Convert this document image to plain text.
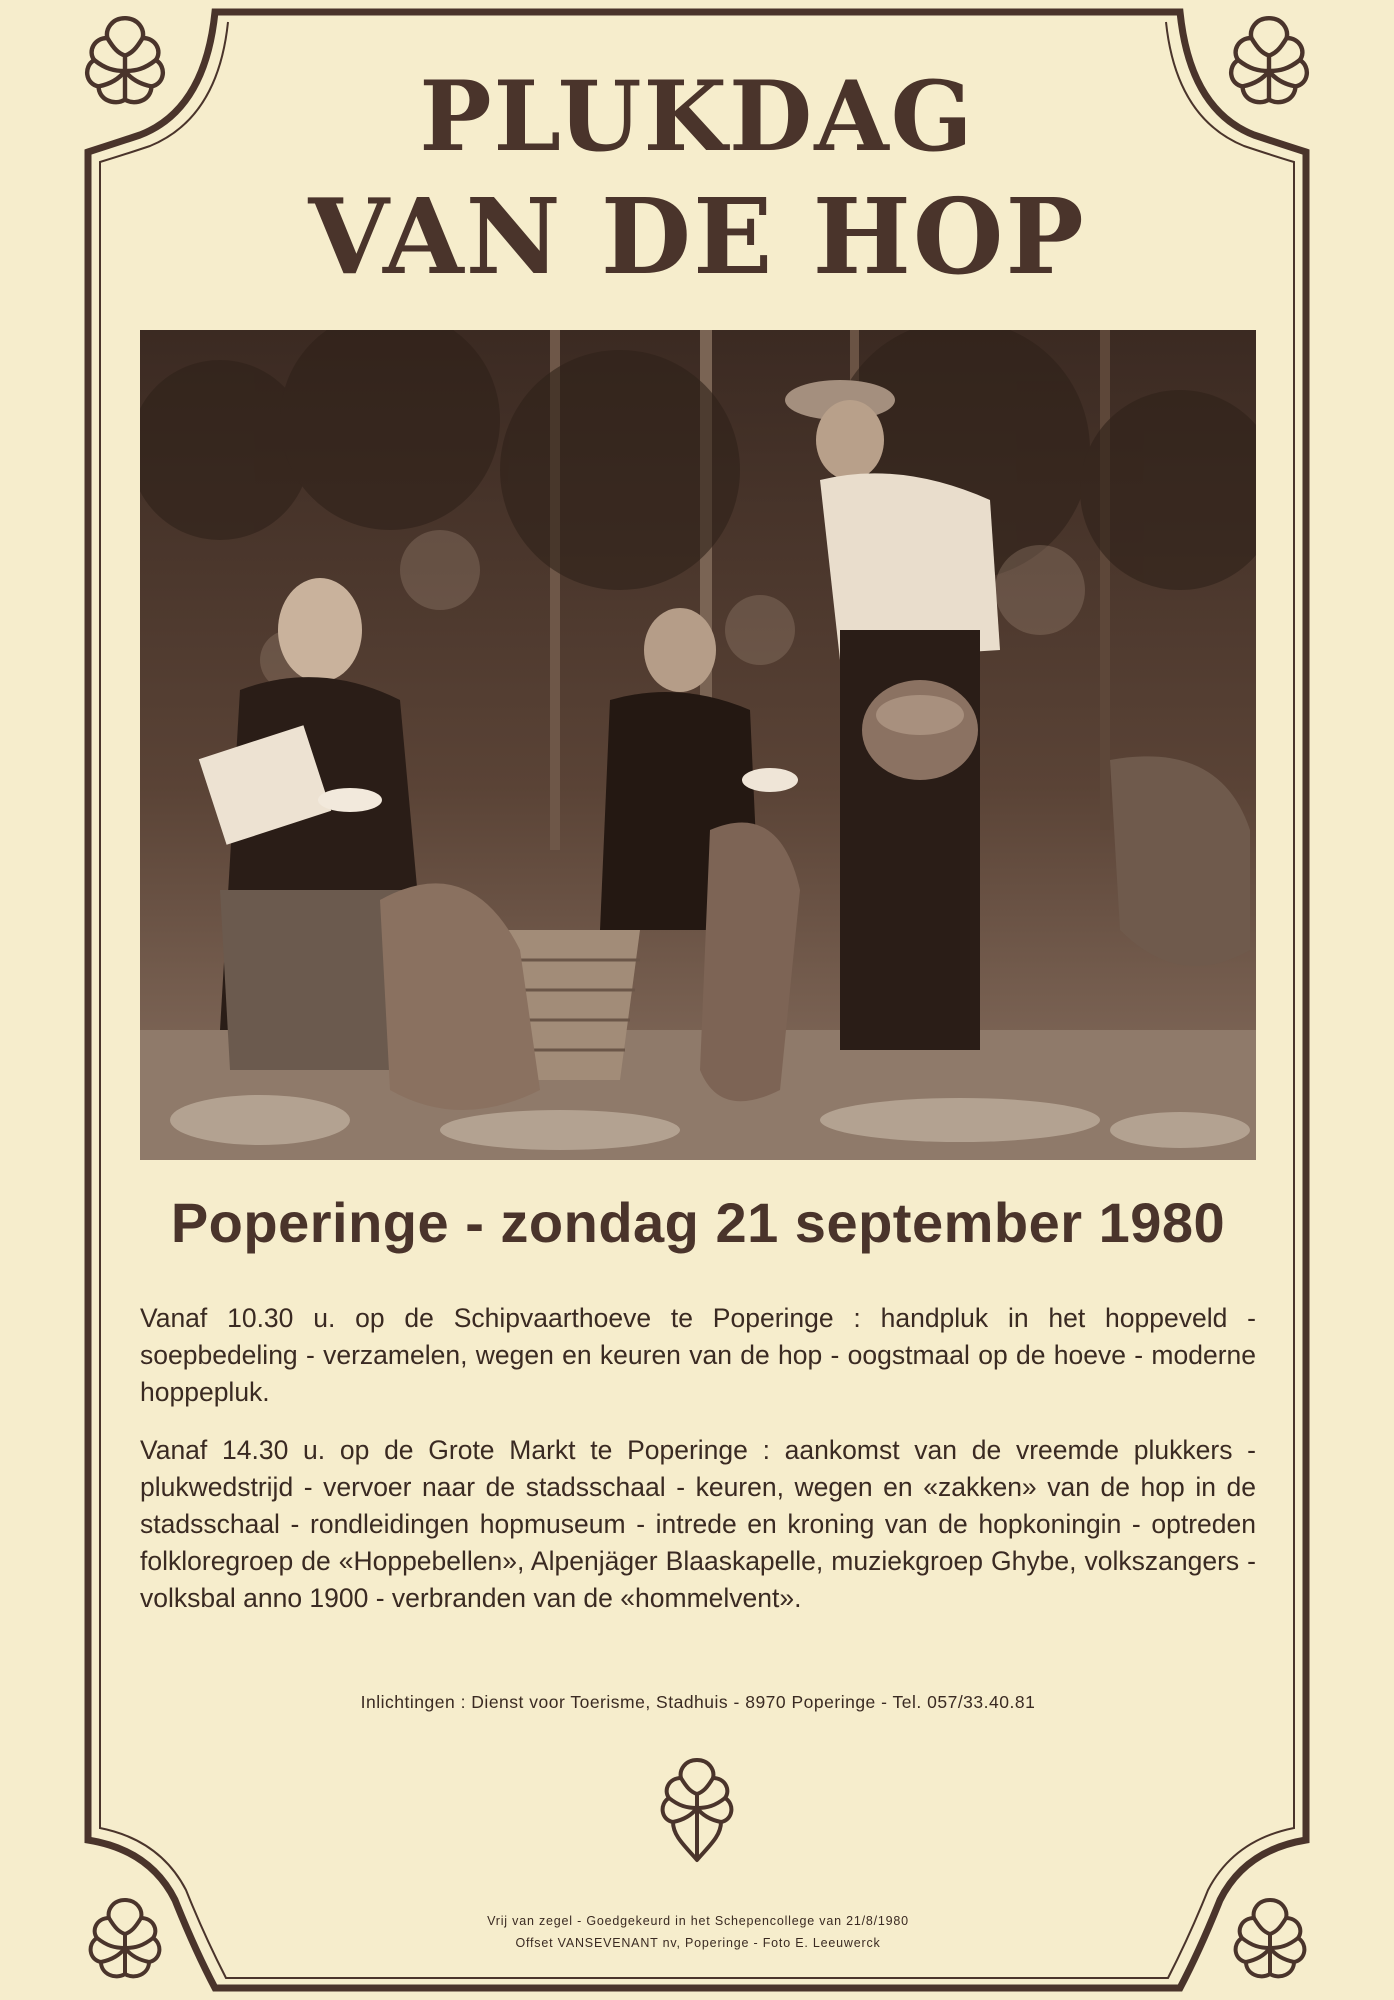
PLUKDAG
VAN DE HOP
Poperinge - zondag 21 september 1980
Vanaf 10.30 u. op de Schipvaarthoeve te Poperinge : handpluk in het hoppeveld - soepbedeling - verzamelen, wegen en keuren van de hop - oogstmaal op de hoeve - moderne hoppepluk.
Vanaf 14.30 u. op de Grote Markt te Poperinge : aankomst van de vreemde plukkers - plukwedstrijd - vervoer naar de stadsschaal - keuren, wegen en «zakken» van de hop in de stadsschaal - rondleidingen hopmuseum - intrede en kroning van de hopkoningin - optreden folkloregroep de «Hoppebellen», Alpenjäger Blaaskapelle, muziekgroep Ghybe, volkszangers - volksbal anno 1900 - verbranden van de «hommelvent».
Inlichtingen : Dienst voor Toerisme, Stadhuis - 8970 Poperinge - Tel. 057/33.40.81
Vrij van zegel - Goedgekeurd in het Schepencollege van 21/8/1980
Offset VANSEVENANT nv, Poperinge - Foto E. Leeuwerck
